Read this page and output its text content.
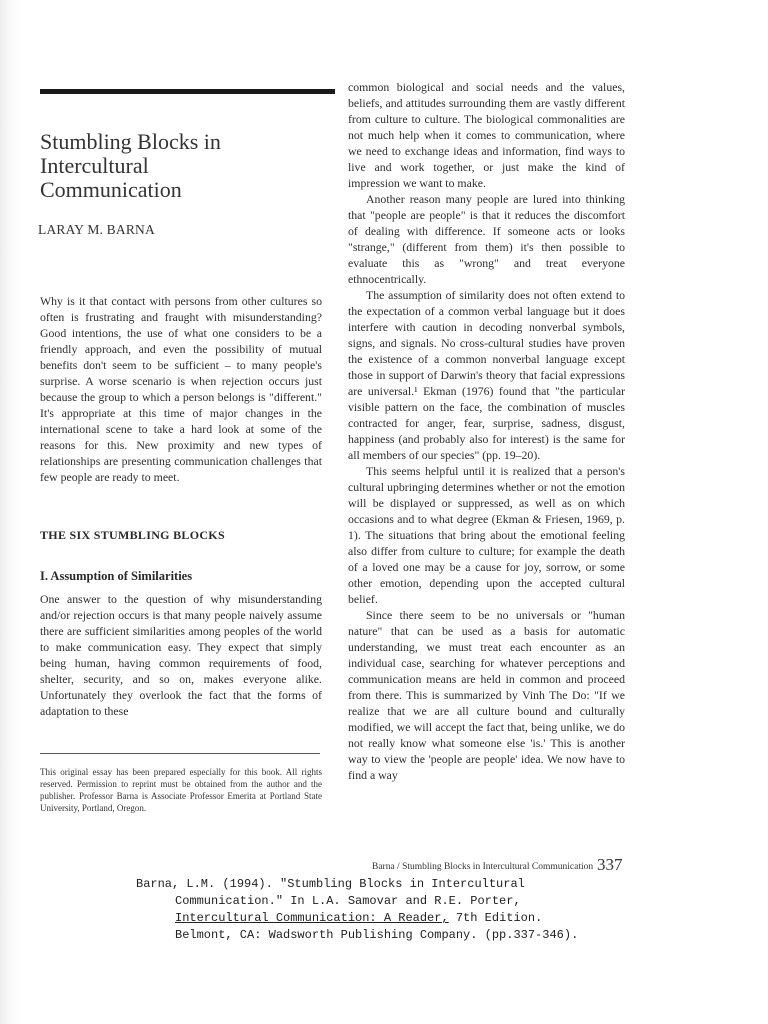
Stumbling Blocks in
Intercultural
Communication
LARAY M. BARNA

Why is it that contact with persons from other cultures so often is frustrating and fraught with misunderstanding? Good intentions, the use of what one considers to be a friendly approach, and even the possibility of mutual benefits don't seem to be sufficient – to many people's surprise. A worse scenario is when rejection occurs just because the group to which a person belongs is "different." It's appropriate at this time of major changes in the international scene to take a hard look at some of the reasons for this. New proximity and new types of relationships are presenting communication challenges that few people are ready to meet.

THE SIX STUMBLING BLOCKS
I. Assumption of Similarities

One answer to the question of why misunderstanding and/or rejection occurs is that many people naively assume there are sufficient similarities among peoples of the world to make communication easy. They expect that simply being human, having common requirements of food, shelter, security, and so on, makes everyone alike. Unfortunately they overlook the fact that the forms of adaptation to these

This original essay has been prepared especially for this book. All rights reserved. Permission to reprint must be obtained from the author and the publisher. Professor Barna is Associate Professor Emerita at Portland State University, Portland, Oregon.

common biological and social needs and the values, beliefs, and attitudes surrounding them are vastly different from culture to culture. The biological commonalities are not much help when it comes to communication, where we need to exchange ideas and information, find ways to live and work together, or just make the kind of impression we want to make.

Another reason many people are lured into thinking that "people are people" is that it reduces the discomfort of dealing with difference. If someone acts or looks "strange," (different from them) it's then possible to evaluate this as "wrong" and treat everyone ethnocentrically.

The assumption of similarity does not often extend to the expectation of a common verbal language but it does interfere with caution in decoding nonverbal symbols, signs, and signals. No cross-cultural studies have proven the existence of a common nonverbal language except those in support of Darwin's theory that facial expressions are universal.¹ Ekman (1976) found that "the particular visible pattern on the face, the combination of muscles contracted for anger, fear, surprise, sadness, disgust, happiness (and probably also for interest) is the same for all members of our species" (pp. 19–20).

This seems helpful until it is realized that a person's cultural upbringing determines whether or not the emotion will be displayed or suppressed, as well as on which occasions and to what degree (Ekman & Friesen, 1969, p. 1). The situations that bring about the emotional feeling also differ from culture to culture; for example the death of a loved one may be a cause for joy, sorrow, or some other emotion, depending upon the accepted cultural belief.

Since there seem to be no universals or "human nature" that can be used as a basis for automatic understanding, we must treat each encounter as an individual case, searching for whatever perceptions and communication means are held in common and proceed from there. This is summarized by Vinh The Do: "If we realize that we are all culture bound and culturally modified, we will accept the fact that, being unlike, we do not really know what someone else 'is.' This is another way to view the 'people are people' idea. We now have to find a way

Barna / Stumbling Blocks in Intercultural Communication 337
Barna, L.M. (1994). "Stumbling Blocks in Intercultural
Communication." In L.A. Samovar and R.E. Porter,
Intercultural Communication: A Reader, 7th Edition.
Belmont, CA: Wadsworth Publishing Company. (pp.337-346).
